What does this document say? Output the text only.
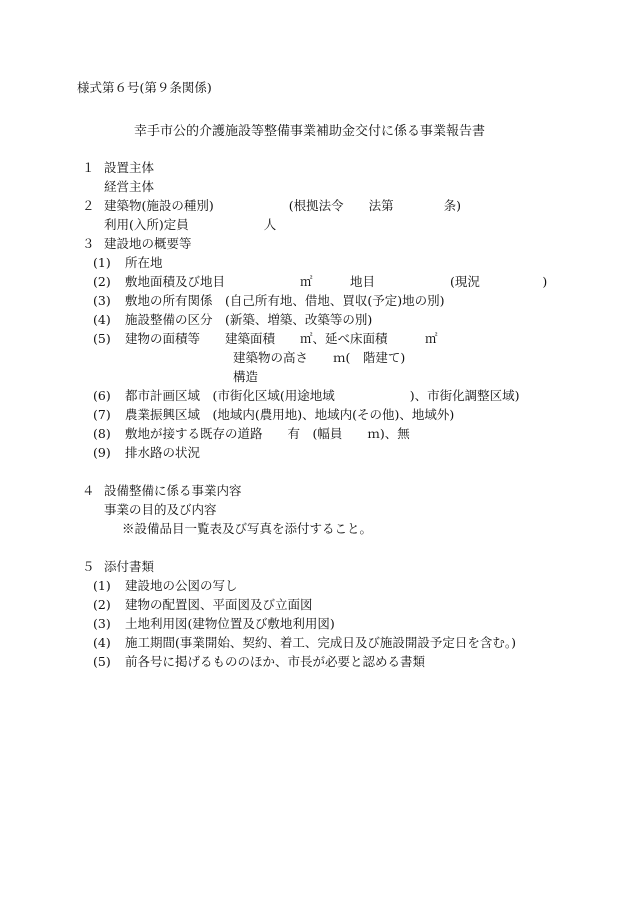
様式第６号(第９条関係)
幸手市公的介護施設等整備事業補助金交付に係る事業報告書
１ 設置主体
経営主体
２ 建築物(施設の種別)　　　　　　(根拠法令　　法第　　　　条)
利用(入所)定員　　　　　　人
３ 建設地の概要等
(1) 所在地
(2) 敷地面積及び地目　　　　　　㎡　　　地目　　　　　　(現況　　　　　)
(3) 敷地の所有関係　(自己所有地、借地、買収(予定)地の別)
(4) 施設整備の区分　(新築、増築、改築等の別)
(5) 建物の面積等　　建築面積　　㎡、延べ床面積　　　㎡
建築物の高さ　　ｍ(　階建て)
構造
(6) 都市計画区域　(市街化区域(用途地域　　　　　　)、市街化調整区域)
(7) 農業振興区域　(地域内(農用地)、地域内(その他)、地域外)
(8) 敷地が接する既存の道路　　有　(幅員　　ｍ)、無
(9) 排水路の状況
４ 設備整備に係る事業内容
事業の目的及び内容
※設備品目一覧表及び写真を添付すること。
５ 添付書類
(1) 建設地の公図の写し
(2) 建物の配置図、平面図及び立面図
(3) 土地利用図(建物位置及び敷地利用図)
(4) 施工期間(事業開始、契約、着工、完成日及び施設開設予定日を含む。)
(5) 前各号に掲げるもののほか、市長が必要と認める書類
